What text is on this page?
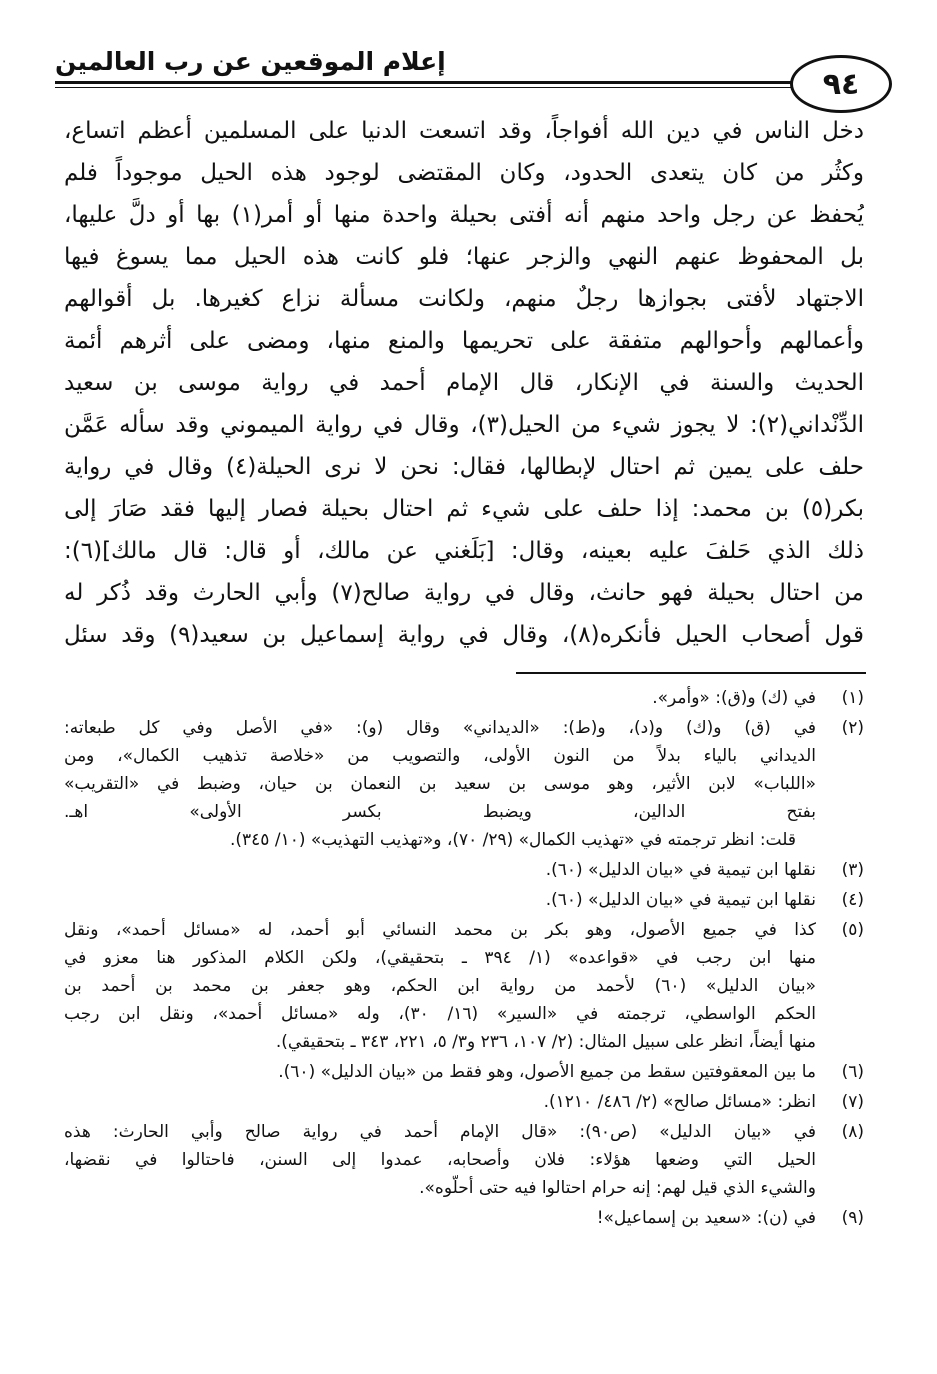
إعلام الموقعين عن رب العالمين
٩٤
دخل الناس في دين الله أفواجاً، وقد اتسعت الدنيا على المسلمين أعظم اتساع،
وكثُر من كان يتعدى الحدود، وكان المقتضى لوجود هذه الحيل موجوداً فلم
يُحفظ عن رجل واحد منهم أنه أفتى بحيلة واحدة منها أو أمر(١) بها أو دلَّ عليها،
بل المحفوظ عنهم النهي والزجر عنها؛ فلو كانت هذه الحيل مما يسوغ فيها
الاجتهاد لأفتى بجوازها رجلٌ منهم، ولكانت مسألة نزاع كغيرها. بل أقوالهم
وأعمالهم وأحوالهم متفقة على تحريمها والمنع منها، ومضى على أثرهم أئمة
الحديث والسنة في الإنكار، قال الإمام أحمد في رواية موسى بن سعيد
الدِّنْداني(٢): لا يجوز شيء من الحيل(٣)، وقال في رواية الميموني وقد سأله عَمَّن
حلف على يمين ثم احتال لإبطالها، فقال: نحن لا نرى الحيلة(٤) وقال في رواية
بكر(٥) بن محمد: إذا حلف على شيء ثم احتال بحيلة فصار إليها فقد صَارَ إلى
ذلك الذي حَلفَ عليه بعينه، وقال: [بَلَغني عن مالك، أو قال: قال مالك](٦):
من احتال بحيلة فهو حانث، وقال في رواية صالح(٧) وأبي الحارث وقد ذُكر له
قول أصحاب الحيل فأنكره(٨)، وقال في رواية إسماعيل بن سعيد(٩) وقد سئل
(١)
في (ك) و(ق): «وأمر».
(٢)
في (ق) و(ك) و(د)، و(ط): «الديداني» وقال (و): «في الأصل وفي كل طبعاته:
الديداني بالياء بدلاً من النون الأولى، والتصويب من «خلاصة تذهيب الكمال»، ومن
«اللباب» لابن الأثير، وهو موسى بن سعيد بن النعمان بن حيان، وضبط في «التقريب»
بفتح الدالين، ويضبط بكسر الأولى» اهـ.
قلت: انظر ترجمته في «تهذيب الكمال» (٢٩/ ٧٠)، و«تهذيب التهذيب» (١٠/ ٣٤٥).
(٣)
نقلها ابن تيمية في «بيان الدليل» (٦٠).
(٤)
نقلها ابن تيمية في «بيان الدليل» (٦٠).
(٥)
كذا في جميع الأصول، وهو بكر بن محمد النسائي أبو أحمد، له «مسائل أحمد»، ونقل
منها ابن رجب في «قواعده» (١/ ٣٩٤ ـ بتحقيقي)، ولكن الكلام المذكور هنا معزو في
«بيان الدليل» (٦٠) لأحمد من رواية ابن الحكم، وهو جعفر بن محمد بن أحمد بن
الحكم الواسطي، ترجمته في «السير» (١٦/ ٣٠)، وله «مسائل أحمد»، ونقل ابن رجب
منها أيضاً، انظر على سبيل المثال: (٢/ ١٠٧، ٢٣٦ و٣/ ٥، ٢٢١، ٣٤٣ ـ بتحقيقي).
(٦)
ما بين المعقوفتين سقط من جميع الأصول، وهو فقط من «بيان الدليل» (٦٠).
(٧)
انظر: «مسائل صالح» (٢/ ٤٨٦/ ١٢١٠).
(٨)
في «بيان الدليل» (ص٩٠): «قال الإمام أحمد في رواية صالح وأبي الحارث: هذه
الحيل التي وضعها هؤلاء: فلان وأصحابه، عمدوا إلى السنن، فاحتالوا في نقضها،
والشيء الذي قيل لهم: إنه حرام احتالوا فيه حتى أحلّوه».
(٩)
في (ن): «سعيد بن إسماعيل»!
